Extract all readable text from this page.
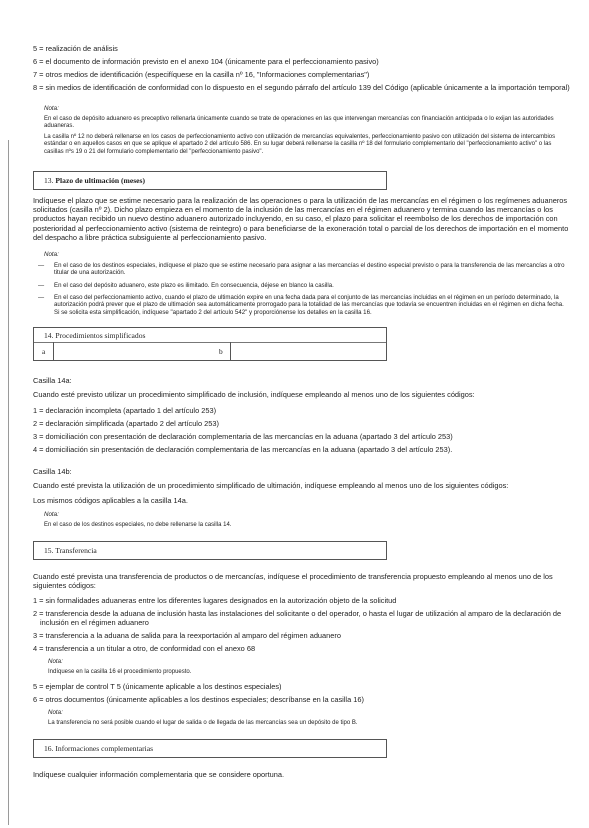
5 = realización de análisis

6 = el documento de información previsto en el anexo 104 (únicamente para el perfeccionamiento pasivo)

7 = otros medios de identificación (especifíquese en la casilla nº 16, "Informaciones complementarias")

8 = sin medios de identificación de conformidad con lo dispuesto en el segundo párrafo del artículo 139 del Código (aplicable únicamente a la importación temporal)

Nota:

En el caso de depósito aduanero es preceptivo rellenarla únicamente cuando se trate de operaciones en las que intervengan mercancías con financiación anticipada o lo exijan las autoridades aduaneras.

La casilla nº 12 no deberá rellenarse en los casos de perfeccionamiento activo con utilización de mercancías equivalentes, perfeccionamiento pasivo con utilización del sistema de intercambios estándar o en aquellos casos en que se aplique el apartado 2 del artículo 586. En su lugar deberá rellenarse la casilla nº 18 del formulario complementario del "perfeccionamiento activo" o las casillas nºs 19 o 21 del formulario complementario del "perfeccionamiento pasivo".

13. Plazo de ultimación (meses)

Indíquese el plazo que se estime necesario para la realización de las operaciones o para la utilización de las mercancías en el régimen o los regímenes aduaneros solicitados (casilla nº 2). Dicho plazo empieza en el momento de la inclusión de las mercancías en el régimen aduanero y termina cuando las mercancías o los productos hayan recibido un nuevo destino aduanero autorizado incluyendo, en su caso, el plazo para solicitar el reembolso de los derechos de importación con posterioridad al perfeccionamiento activo (sistema de reintegro) o para beneficiarse de la exoneración total o parcial de los derechos de importación en el momento del despacho a libre práctica subsiguiente al perfeccionamiento pasivo.

Nota:

— En el caso de los destinos especiales, indíquese el plazo que se estime necesario para asignar a las mercancías el destino especial previsto o para la transferencia de las mercancías a otro titular de una autorización.
— En el caso del depósito aduanero, este plazo es ilimitado. En consecuencia, déjese en blanco la casilla.
— En el caso del perfeccionamiento activo, cuando el plazo de ultimación expire en una fecha dada para el conjunto de las mercancías incluidas en el régimen en un período determinado, la autorización podrá prever que el plazo de ultimación sea automáticamente prorrogado para la totalidad de las mercancías que todavía se encuentren incluidas en el régimen en dicha fecha. Si se solicita esta simplificación, indíquese "apartado 2 del artículo 542" y proporciónense los detalles en la casilla 16.
14. Procedimientos simplificados
a	b

Casilla 14a:

Cuando esté previsto utilizar un procedimiento simplificado de inclusión, indíquese empleando al menos uno de los siguientes códigos:

1 = declaración incompleta (apartado 1 del artículo 253)

2 = declaración simplificada (apartado 2 del artículo 253)

3 = domiciliación con presentación de declaración complementaria de las mercancías en la aduana (apartado 3 del artículo 253)

4 = domiciliación sin presentación de declaración complementaria de las mercancías en la aduana (apartado 3 del artículo 253).

Casilla 14b:

Cuando esté prevista la utilización de un procedimiento simplificado de ultimación, indíquese empleando al menos uno de los siguientes códigos:

Los mismos códigos aplicables a la casilla 14a.

Nota:

En el caso de los destinos especiales, no debe rellenarse la casilla 14.

15. Transferencia

Cuando esté prevista una transferencia de productos o de mercancías, indíquese el procedimiento de transferencia propuesto empleando al menos uno de los siguientes códigos:

1 = sin formalidades aduaneras entre los diferentes lugares designados en la autorización objeto de la solicitud

2 = transferencia desde la aduana de inclusión hasta las instalaciones del solicitante o del operador, o hasta el lugar de utilización al amparo de la declaración de inclusión en el régimen aduanero

3 = transferencia a la aduana de salida para la reexportación al amparo del régimen aduanero

4 = transferencia a un titular a otro, de conformidad con el anexo 68

Nota:

Indíquese en la casilla 16 el procedimiento propuesto.

5 = ejemplar de control T 5 (únicamente aplicable a los destinos especiales)

6 = otros documentos (únicamente aplicables a los destinos especiales; descríbanse en la casilla 16)

Nota:

La transferencia no será posible cuando el lugar de salida o de llegada de las mercancías sea un depósito de tipo B.

16. Informaciones complementarias

Indíquese cualquier información complementaria que se considere oportuna.
